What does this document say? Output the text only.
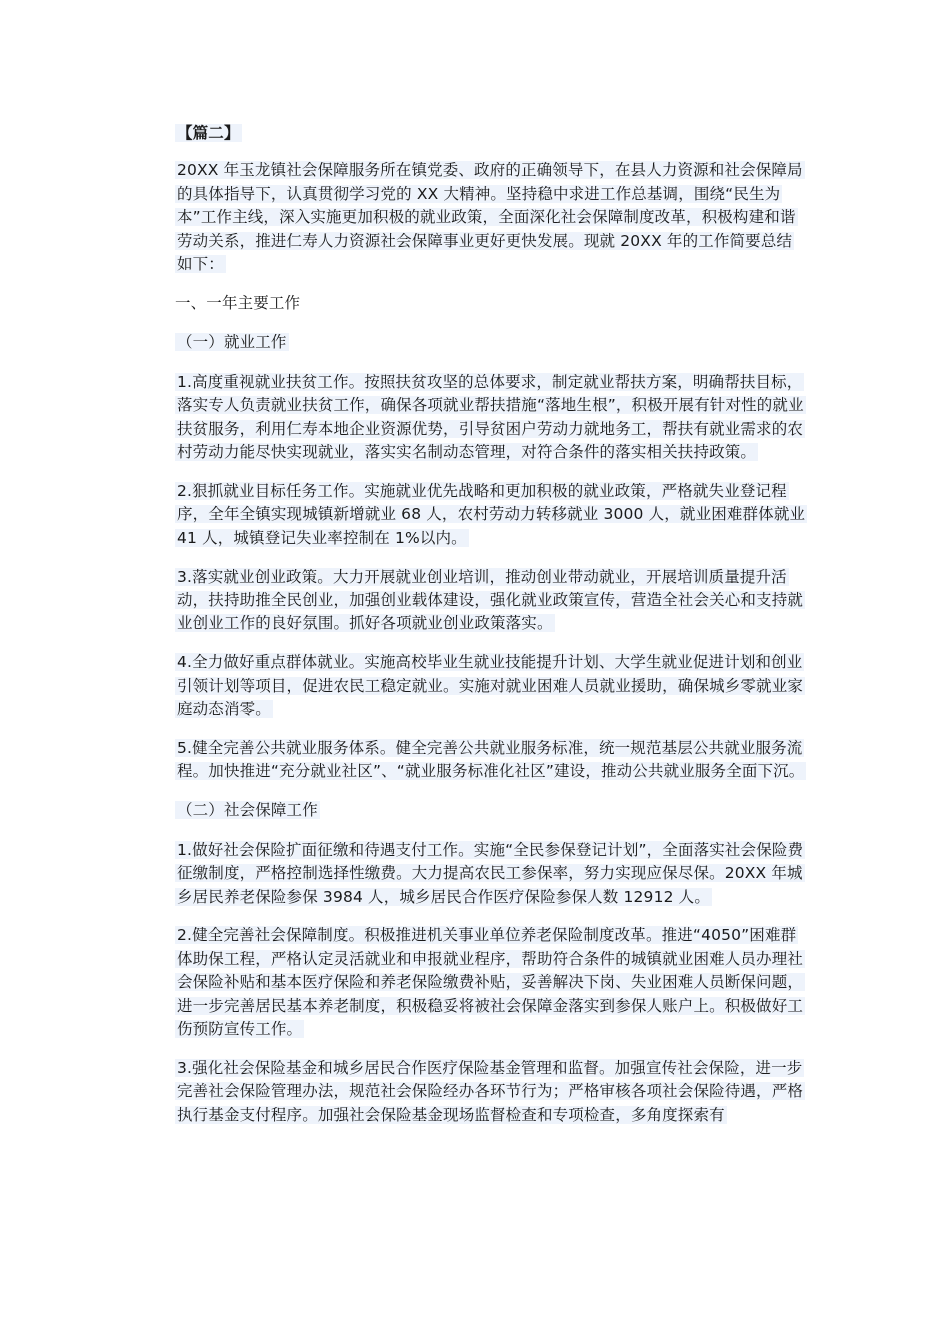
【篇二】

20XX 年玉龙镇社会保障服务所在镇党委、政府的正确领导下，在县人力资源和社会保障局的具体指导下，认真贯彻学习党的 XX 大精神。坚持稳中求进工作总基调，围绕“民生为本”工作主线，深入实施更加积极的就业政策，全面深化社会保障制度改革，积极构建和谐劳动关系，推进仁寿人力资源社会保障事业更好更快发展。现就 20XX 年的工作简要总结如下：

一、一年主要工作

（一）就业工作

1.高度重视就业扶贫工作。按照扶贫攻坚的总体要求，制定就业帮扶方案，明确帮扶目标，落实专人负责就业扶贫工作，确保各项就业帮扶措施“落地生根”，积极开展有针对性的就业扶贫服务，利用仁寿本地企业资源优势，引导贫困户劳动力就地务工，帮扶有就业需求的农村劳动力能尽快实现就业，落实实名制动态管理，对符合条件的落实相关扶持政策。

2.狠抓就业目标任务工作。实施就业优先战略和更加积极的就业政策，严格就失业登记程序，全年全镇实现城镇新增就业 68 人，农村劳动力转移就业 3000 人，就业困难群体就业 41 人，城镇登记失业率控制在 1%以内。

3.落实就业创业政策。大力开展就业创业培训，推动创业带动就业，开展培训质量提升活动，扶持助推全民创业，加强创业载体建设，强化就业政策宣传，营造全社会关心和支持就业创业工作的良好氛围。抓好各项就业创业政策落实。

4.全力做好重点群体就业。实施高校毕业生就业技能提升计划、大学生就业促进计划和创业引领计划等项目，促进农民工稳定就业。实施对就业困难人员就业援助，确保城乡零就业家庭动态消零。

5.健全完善公共就业服务体系。健全完善公共就业服务标准，统一规范基层公共就业服务流程。加快推进“充分就业社区”、“就业服务标准化社区”建设，推动公共就业服务全面下沉。

（二）社会保障工作

1.做好社会保险扩面征缴和待遇支付工作。实施“全民参保登记计划”，全面落实社会保险费征缴制度，严格控制选择性缴费。大力提高农民工参保率，努力实现应保尽保。20XX 年城乡居民养老保险参保 3984 人，城乡居民合作医疗保险参保人数 12912 人。

2.健全完善社会保障制度。积极推进机关事业单位养老保险制度改革。推进“4050”困难群体助保工程，严格认定灵活就业和申报就业程序，帮助符合条件的城镇就业困难人员办理社会保险补贴和基本医疗保险和养老保险缴费补贴，妥善解决下岗、失业困难人员断保问题，进一步完善居民基本养老制度，积极稳妥将被社会保障金落实到参保人账户上。积极做好工伤预防宣传工作。

3.强化社会保险基金和城乡居民合作医疗保险基金管理和监督。加强宣传社会保险，进一步完善社会保险管理办法，规范社会保险经办各环节行为；严格审核各项社会保险待遇，严格执行基金支付程序。加强社会保险基金现场监督检查和专项检查，多角度探索有
